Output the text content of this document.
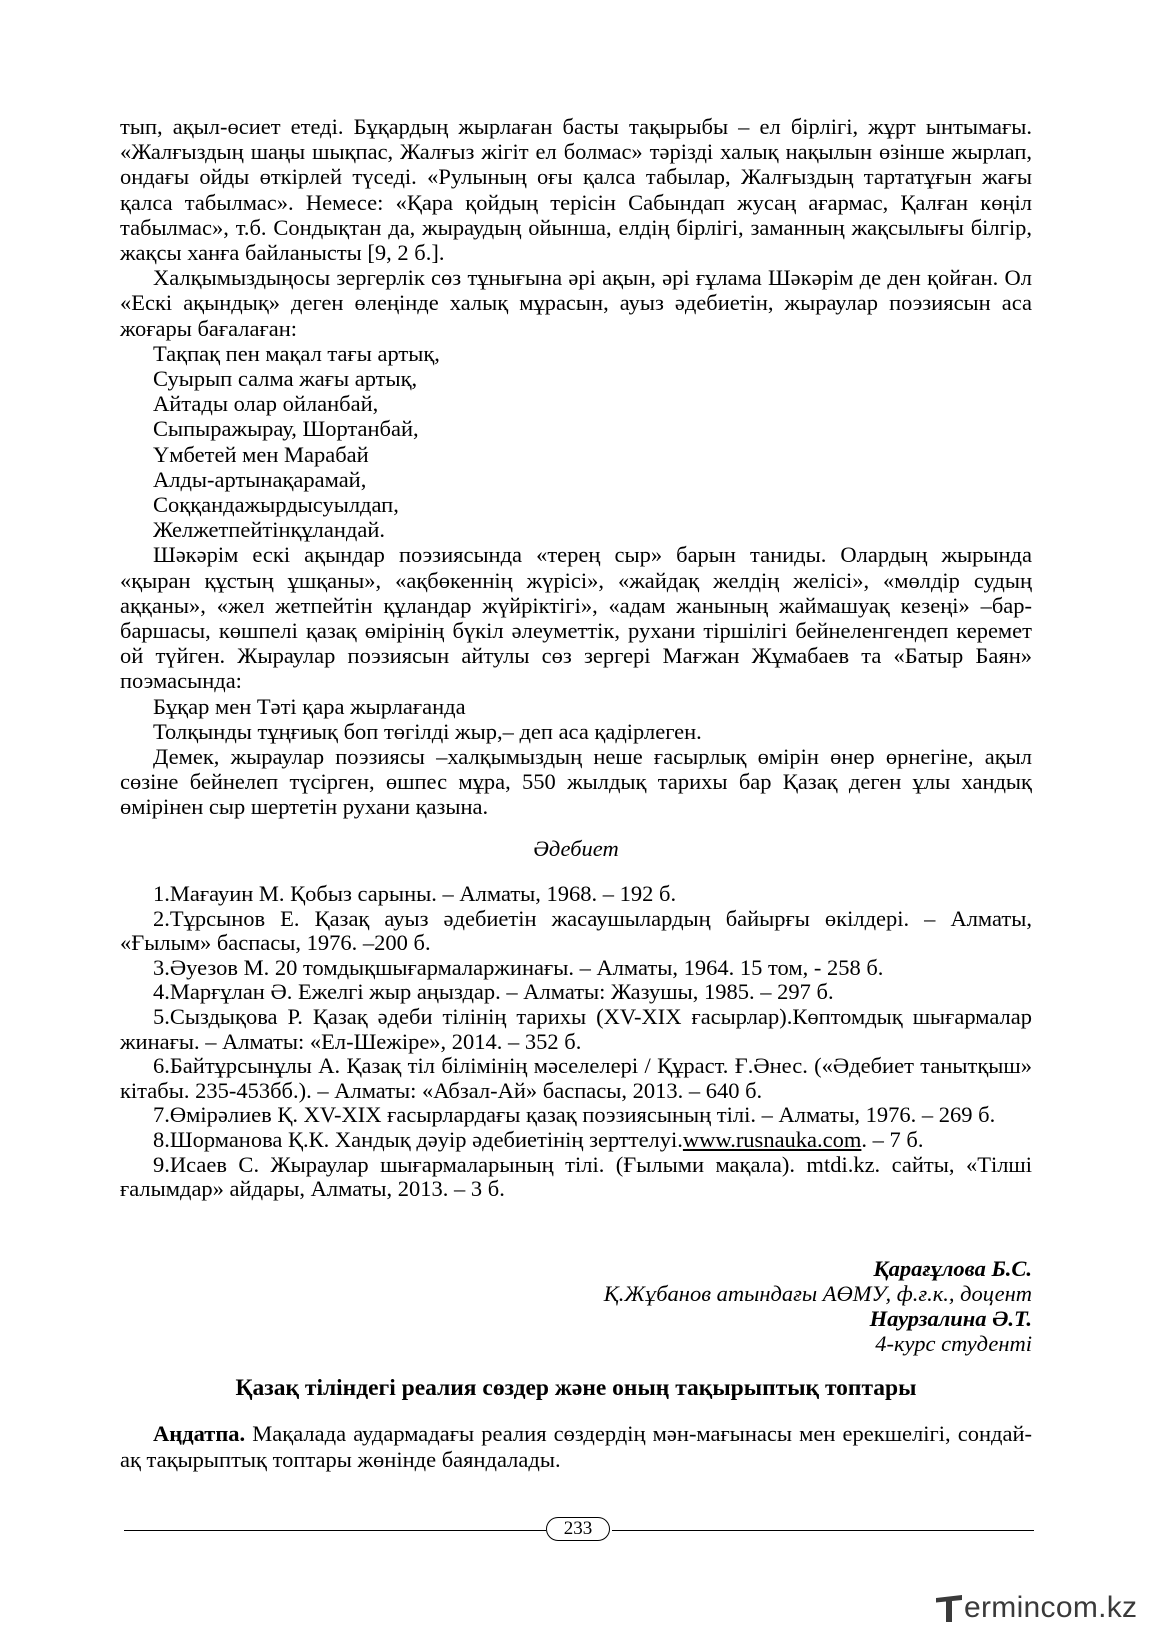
тып, ақыл-өсиет етеді. Бұқардың жырлаған басты тақырыбы – ел бірлігі, жұрт ынтымағы. «Жалғыздың шаңы шықпас, Жалғыз жігіт ел болмас» тәрізді халық нақылын өзінше жырлап, ондағы ойды өткірлей түседі. «Рулының оғы қалса табылар, Жалғыздың тартатұғын жағы қалса табылмас». Немесе: «Қара қойдың терісін Сабындап жусаң ағармас, Қалған көңіл табылмас», т.б. Сондықтан да, жыраудың ойынша, елдің бірлігі, заманның жақсылығы білгір, жақсы ханға байланысты [9, 2 б.].

Халқымыздыңосы зергерлік сөз тұнығына әрі ақын, әрі ғұлама Шәкәрім де ден қойған. Ол «Ескі ақындық» деген өлеңінде халық мұрасын, ауыз әдебиетін, жыраулар поэзиясын аса жоғары бағалаған:

Тақпақ пен мақал тағы артық,

Суырып салма жағы артық,

Айтады олар ойланбай,

Сыпыражырау, Шортанбай,

Үмбетей мен Марабай

Алды-артынақарамай,

Соққандажырдысуылдап,

Желжетпейтінқұландай.

Шәкәрім ескі ақындар поэзиясында «терең сыр» барын таниды. Олардың жырында «қыран құстың ұшқаны», «ақбөкеннің жүрісі», «жайдақ желдің желісі», «мөлдір судың аққаны», «жел жетпейтін құландар жүйріктігі», «адам жанының жаймашуақ кезеңі» –бар-баршасы, көшпелі қазақ өмірінің бүкіл әлеуметтік, рухани тіршілігі бейнеленгендеп керемет ой түйген. Жыраулар поэзиясын айтулы сөз зергері Мағжан Жұмабаев та «Батыр Баян» поэмасында:

Бұқар мен Тәті қара жырлағанда

Толқынды тұңғиық боп төгілді жыр,– деп аса қадірлеген.

Демек, жыраулар поэзиясы –халқымыздың неше ғасырлық өмірін өнер өрнегіне, ақыл сөзіне бейнелеп түсірген, өшпес мұра, 550 жылдық тарихы бар Қазақ деген ұлы хандық өмірінен сыр шертетін рухани қазына.

Әдебиет

1.Мағауин М. Қобыз сарыны. – Алматы, 1968. – 192 б.

2.Тұрсынов Е. Қазақ ауыз әдебиетін жасаушылардың байырғы өкілдері. – Алматы, «Ғылым» баспасы, 1976. –200 б.

3.Әуезов М. 20 томдықшығармаларжинағы. – Алматы, 1964. 15 том, - 258 б.

4.Марғұлан Ә. Ежелгі жыр аңыздар. – Алматы: Жазушы, 1985. – 297 б.

5.Сыздықова Р. Қазақ әдеби тілінің тарихы (XV-XIX ғасырлар).Көптомдық шығармалар жинағы. – Алматы: «Ел-Шежіре», 2014. – 352 б.

6.Байтұрсынұлы А. Қазақ тіл білімінің мәселелері / Құраст. Ғ.Әнес. («Әдебиет танытқыш» кітабы. 235-453бб.). – Алматы: «Абзал-Ай» баспасы, 2013. – 640 б.

7.Өмірәлиев Қ. XV-XIX ғасырлардағы қазақ поэзиясының тілі. – Алматы, 1976. – 269 б.

8.Шорманова Қ.К. Хандық дәуір әдебиетінің зерттелуі.www.rusnauka.com. – 7 б.

9.Исаев С. Жыраулар шығармаларының тілі. (Ғылыми мақала). mtdi.kz. сайты, «Тілші ғалымдар» айдары, Алматы, 2013. – 3 б.

Қарағұлова Б.С.
Қ.Жұбанов атындағы АӨМУ, ф.ғ.к., доцент
Наурзалина Ә.Т.
4-курс студенті
Қазақ тіліндегі реалия сөздер және оның тақырыптық топтары

Аңдатпа. Мақалада аудармадағы реалия сөздердің мән-мағынасы мен ерекшелігі, сондай-ақ тақырыптық топтары жөнінде баяндалады.

233
ermincо m.kz
